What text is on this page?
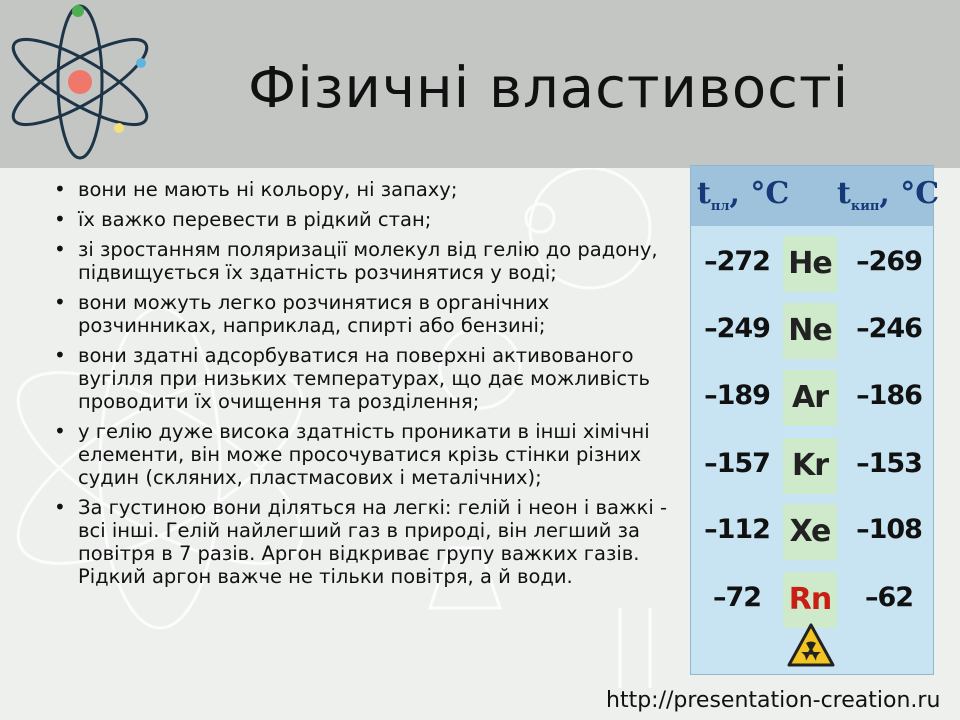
Фізичні властивості
• вони не мають ні кольору, ні запаху;
• їх важко перевести в рідкий стан;
• зі зростанням поляризації молекул від гелію до радону, підвищується їх здатність розчинятися у воді;
• вони можуть легко розчинятися в органічних розчинниках, наприклад, спирті або бензині;
• вони здатні адсорбуватися на поверхні активованого вугілля при низьких температурах, що дає можливість проводити їх очищення та розділення;
• у гелію дуже висока здатність проникати в інші хімічні елементи, він може просочуватися крізь стінки різних судин (скляних, пластмасових і металічних);
• За густиною вони діляться на легкі: гелій і неон і важкі - всі інші. Гелій найлегший газ в природі, він легший за повітря в 7 разів. Аргон відкриває групу важких газів. Рідкий аргон важче не тільки повітря, а й води.
$t_{пл}$, °C $t_{кип}$, °C
–272 He –269
–249 Ne –246
–189 Ar	–186
–157 Kr	–153
–112 Xe –108
–72 Rn	–62
http://presentation-creation.ru
